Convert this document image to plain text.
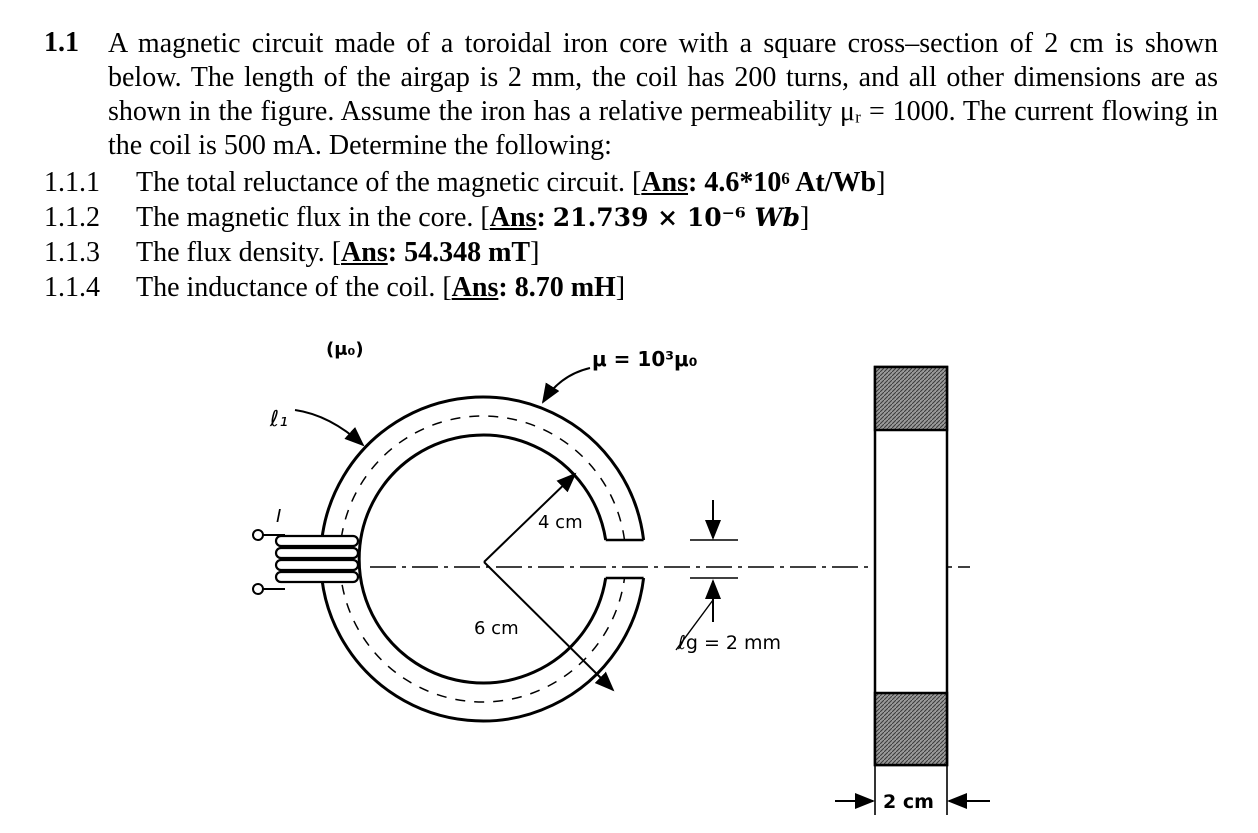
1.1 A magnetic circuit made of a toroidal iron core with a square cross–section of 2 cm is shown below. The length of the airgap is 2 mm, the coil has 200 turns, and all other dimensions are as shown in the figure. Assume the iron has a relative permeability μᵣ = 1000. The current flowing in the coil is 500 mA. Determine the following:
1.1.1 The total reluctance of the magnetic circuit. [Ans: 4.6*10⁶ At/Wb]
1.1.2 The magnetic flux in the core. [Ans: 21.739 × 10⁻⁶ Wb]
1.1.3 The flux density. [Ans: 54.348 mT]
1.1.4 The inductance of the coil. [Ans: 8.70 mH]
I
ℓ₁
(μ₀)	μ = 10³μ₀
4 cm
6 cm
ℓg = 2 mm
2 cm
